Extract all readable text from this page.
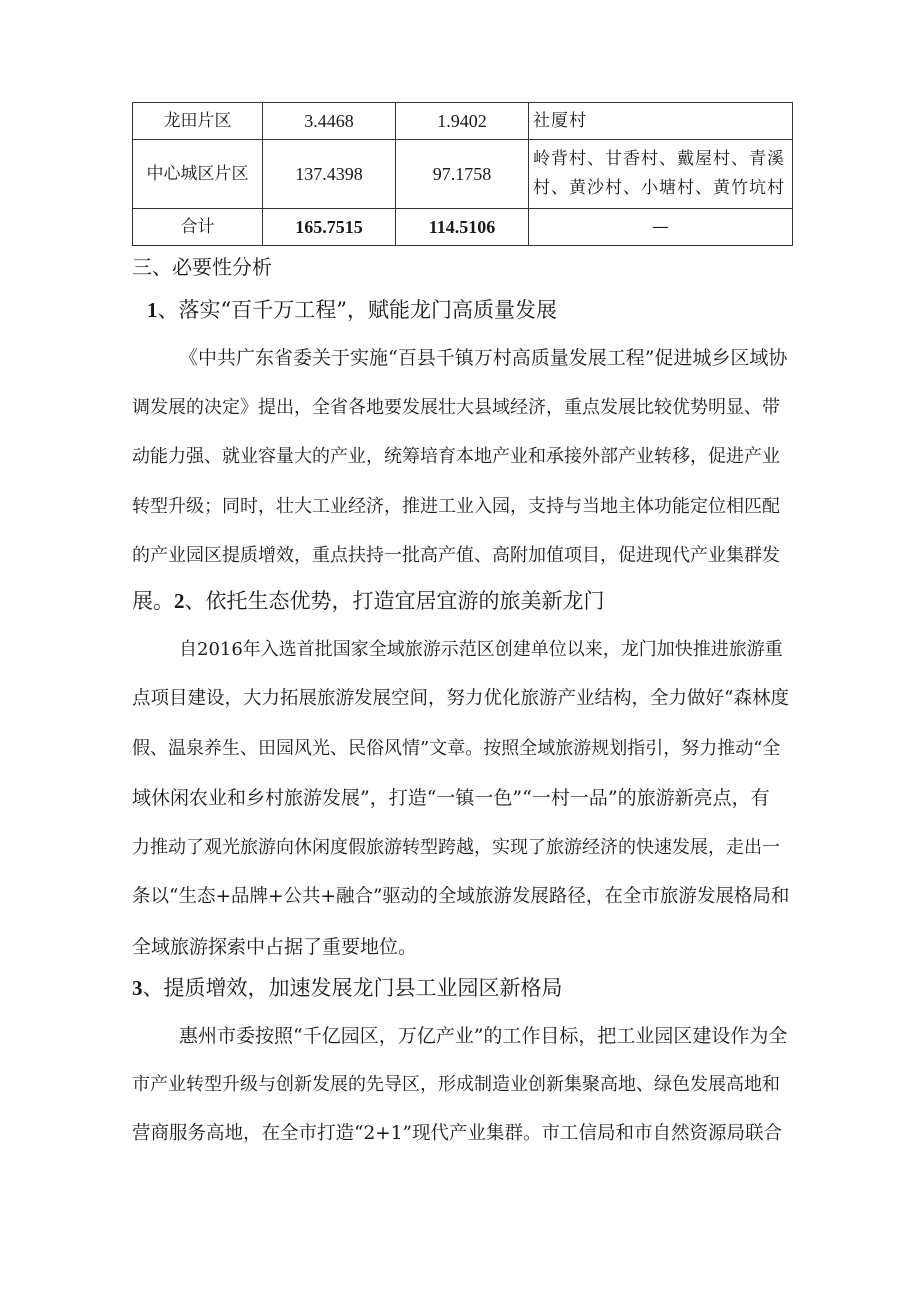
龙田片区	3.4468	1.9402	社厦村
中心城区片区	137.4398	97.1758	岭背村、甘香村、戴屋村、青溪
村、黄沙村、小塘村、黄竹坑村

合计	165.7515	114.5106	—
三、必要性分析
1、落实“百千万工程”，赋能龙门高质量发展
《中共广东省委关于实施“百县千镇万村高质量发展工程”促进城乡区域协
调发展的决定》提出，全省各地要发展壮大县域经济，重点发展比较优势明显、带
动能力强、就业容量大的产业，统筹培育本地产业和承接外部产业转移，促进产业
转型升级；同时，壮大工业经济，推进工业入园，支持与当地主体功能定位相匹配
的产业园区提质增效，重点扶持一批高产值、高附加值项目，促进现代产业集群发
展。2、依托生态优势，打造宜居宜游的旅美新龙门
自2016年入选首批国家全域旅游示范区创建单位以来，龙门加快推进旅游重
点项目建设，大力拓展旅游发展空间，努力优化旅游产业结构，全力做好“森林度
假、温泉养生、田园风光、民俗风情”文章。按照全域旅游规划指引，努力推动“全
域休闲农业和乡村旅游发展”，打造“一镇一色”“一村一品”的旅游新亮点，有
力推动了观光旅游向休闲度假旅游转型跨越，实现了旅游经济的快速发展，走出一
条以“生态+品牌+公共+融合”驱动的全域旅游发展路径，在全市旅游发展格局和
全域旅游探索中占据了重要地位。
3、提质增效，加速发展龙门县工业园区新格局
惠州市委按照“千亿园区，万亿产业”的工作目标，把工业园区建设作为全
市产业转型升级与创新发展的先导区，形成制造业创新集聚高地、绿色发展高地和
营商服务高地，在全市打造“2+1”现代产业集群。市工信局和市自然资源局联合
